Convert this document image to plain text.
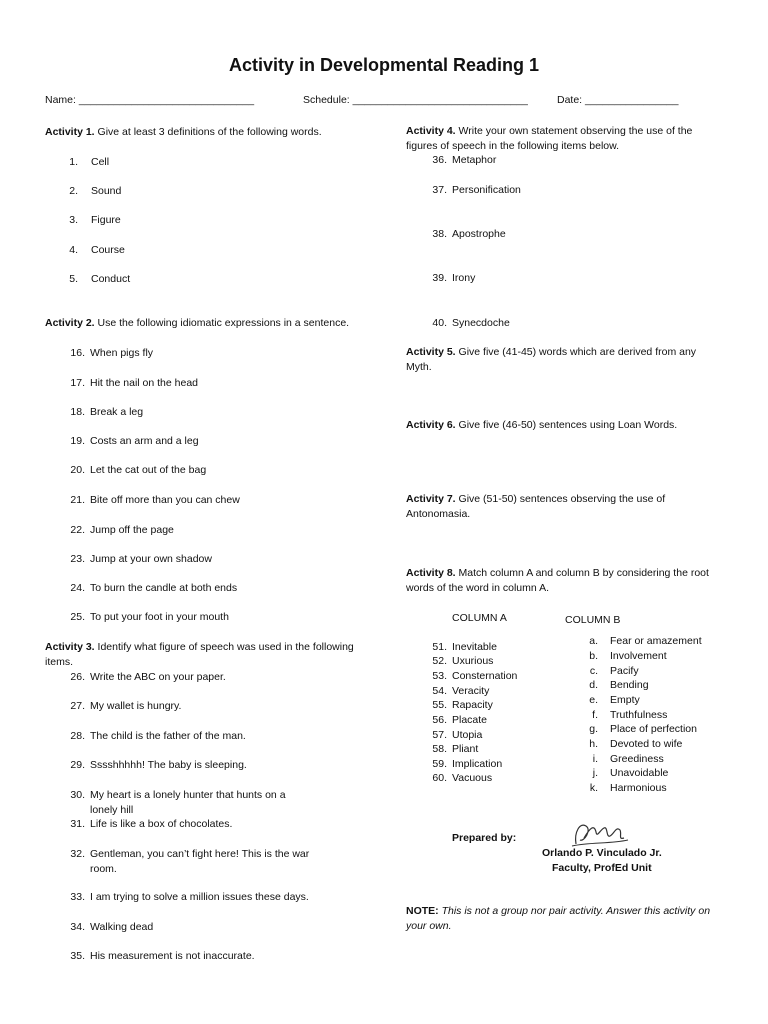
Activity in Developmental Reading 1
Name: ______________________________	Schedule: ______________________________	Date: ________________
Activity 1. Give at least 3 definitions of the following words.
1. Cell
2. Sound
3. Figure
4. Course
5. Conduct
Activity 2. Use the following idiomatic expressions in a sentence.
16. When pigs fly
17. Hit the nail on the head
18. Break a leg
19. Costs an arm and a leg
20. Let the cat out of the bag
21. Bite off more than you can chew
22. Jump off the page
23. Jump at your own shadow
24. To burn the candle at both ends
25. To put your foot in your mouth
Activity 3. Identify what figure of speech was used in the following items.
26. Write the ABC on your paper.
27. My wallet is hungry.
28. The child is the father of the man.
29. Sssshhhhh! The baby is sleeping.
30. My heart is a lonely hunter that hunts on a
lonely hill
31. Life is like a box of chocolates.
32. Gentleman, you can’t fight here! This is the war
room.
33. I am trying to solve a million issues these days.
34. Walking dead
35. His measurement is not inaccurate.
Activity 4. Write your own statement observing the use of the figures of speech in the following items below.
36. Metaphor
37. Personification
38. Apostrophe
39. Irony
40. Synecdoche
Activity 5. Give five (41-45) words which are derived from any Myth.
Activity 6. Give five (46-50) sentences using Loan Words.
Activity 7. Give (51-50) sentences observing the use of Antonomasia.
Activity 8. Match column A and column B by considering the root words of the word in column A.
COLUMN A	COLUMN B
51. Inevitable
52. Uxurious
53. Consternation
54. Veracity
55. Rapacity
56. Placate
57. Utopia
58. Pliant
59. Implication
60. Vacuous
a. Fear or amazement
b. Involvement
c. Pacify
d. Bending
e. Empty
f. Truthfulness
g. Place of perfection
h. Devoted to wife
i. Greediness
j. Unavoidable
k. Harmonious
Prepared by:
Orlando P. Vinculado Jr.
Faculty, ProfEd Unit
NOTE: This is not a group nor pair activity. Answer this activity on your own.
